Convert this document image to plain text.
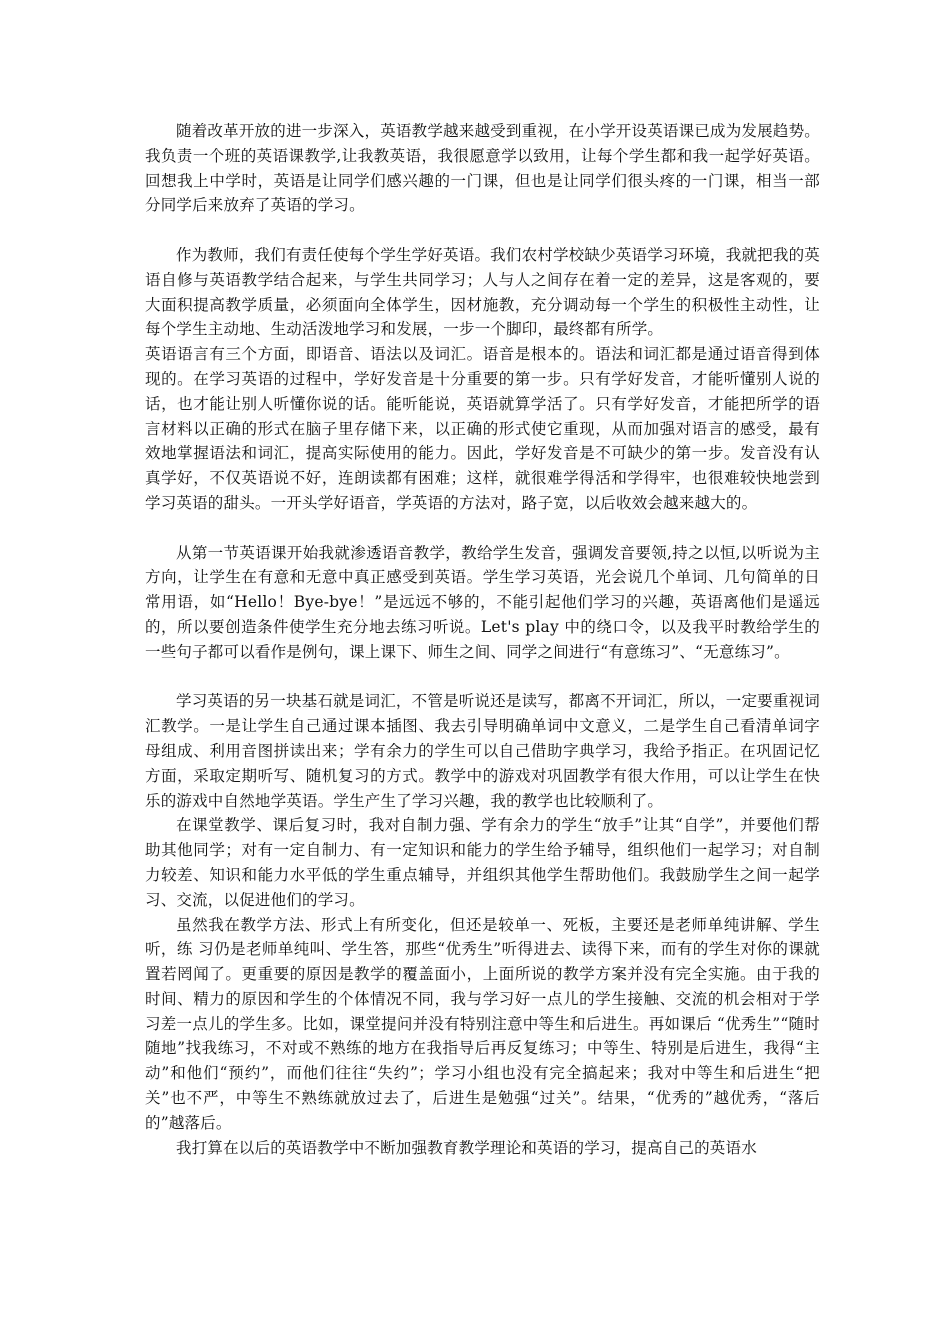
随着改革开放的进一步深入，英语教学越来越受到重视，在小学开设英语课已成为发展趋势。我负责一个班的英语课教学,让我教英语，我很愿意学以致用，让每个学生都和我一起学好英语。回想我上中学时，英语是让同学们感兴趣的一门课，但也是让同学们很头疼的一门课，相当一部分同学后来放弃了英语的学习。

作为教师，我们有责任使每个学生学好英语。我们农村学校缺少英语学习环境，我就把我的英语自修与英语教学结合起来，与学生共同学习；人与人之间存在着一定的差异，这是客观的，要大面积提高教学质量，必须面向全体学生，因材施教，充分调动每一个学生的积极性主动性，让每个学生主动地、生动活泼地学习和发展，一步一个脚印，最终都有所学。

英语语言有三个方面，即语音、语法以及词汇。语音是根本的。语法和词汇都是通过语音得到体现的。在学习英语的过程中，学好发音是十分重要的第一步。只有学好发音，才能听懂别人说的话，也才能让别人听懂你说的话。能听能说，英语就算学活了。只有学好发音，才能把所学的语言材料以正确的形式在脑子里存储下来，以正确的形式使它重现，从而加强对语言的感受，最有效地掌握语法和词汇，提高实际使用的能力。因此，学好发音是不可缺少的第一步。发音没有认真学好，不仅英语说不好，连朗读都有困难；这样，就很难学得活和学得牢，也很难较快地尝到学习英语的甜头。一开头学好语音，学英语的方法对，路子宽，以后收效会越来越大的。

从第一节英语课开始我就渗透语音教学，教给学生发音，强调发音要领,持之以恒,以听说为主方向，让学生在有意和无意中真正感受到英语。学生学习英语，光会说几个单词、几句简单的日常用语，如“Hello！Bye-bye！”是远远不够的，不能引起他们学习的兴趣，英语离他们是遥远的，所以要创造条件使学生充分地去练习听说。Let's play 中的绕口令，以及我平时教给学生的一些句子都可以看作是例句，课上课下、师生之间、同学之间进行“有意练习”、“无意练习”。

学习英语的另一块基石就是词汇，不管是听说还是读写，都离不开词汇，所以，一定要重视词汇教学。一是让学生自己通过课本插图、我去引导明确单词中文意义，二是学生自己看清单词字母组成、利用音图拼读出来；学有余力的学生可以自己借助字典学习，我给予指正。在巩固记忆方面，采取定期听写、随机复习的方式。教学中的游戏对巩固教学有很大作用，可以让学生在快乐的游戏中自然地学英语。学生产生了学习兴趣，我的教学也比较顺利了。

在课堂教学、课后复习时，我对自制力强、学有余力的学生“放手”让其“自学”，并要他们帮助其他同学；对有一定自制力、有一定知识和能力的学生给予辅导，组织他们一起学习；对自制力较差、知识和能力水平低的学生重点辅导，并组织其他学生帮助他们。我鼓励学生之间一起学习、交流，以促进他们的学习。

虽然我在教学方法、形式上有所变化，但还是较单一、死板，主要还是老师单纯讲解、学生听，练 习仍是老师单纯叫、学生答，那些“优秀生”听得进去、读得下来，而有的学生对你的课就置若罔闻了。更重要的原因是教学的覆盖面小，上面所说的教学方案并没有完全实施。由于我的时间、精力的原因和学生的个体情况不同，我与学习好一点儿的学生接触、交流的机会相对于学习差一点儿的学生多。比如，课堂提问并没有特别注意中等生和后进生。再如课后 “优秀生”“随时随地”找我练习，不对或不熟练的地方在我指导后再反复练习；中等生、特别是后进生，我得“主动”和他们“预约”，而他们往往“失约”；学习小组也没有完全搞起来；我对中等生和后进生“把关”也不严，中等生不熟练就放过去了，后进生是勉强“过关”。结果，“优秀的”越优秀，“落后的”越落后。

我打算在以后的英语教学中不断加强教育教学理论和英语的学习，提高自己的英语水
